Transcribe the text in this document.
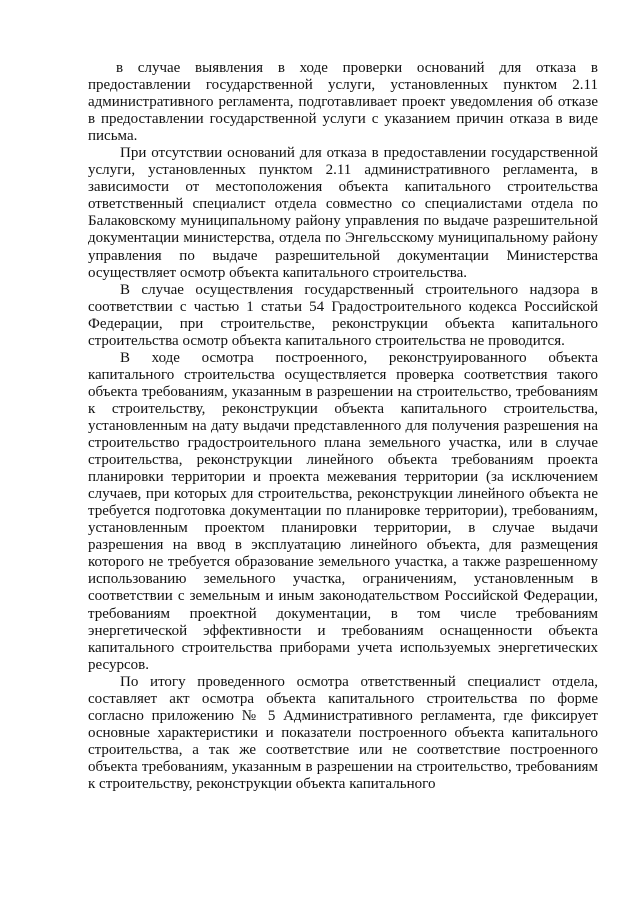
в случае выявления в ходе проверки оснований для отказа в предоставлении государственной услуги, установленных пунктом 2.11 административного регламента, подготавливает проект уведомления об отказе в предоставлении государственной услуги с указанием причин отказа в виде письма.

При отсутствии оснований для отказа в предоставлении государственной услуги, установленных пунктом 2.11 административного регламента, в зависимости от местоположения объекта капитального строительства ответственный специалист отдела совместно со специалистами отдела по Балаковскому муниципальному району управления по выдаче разрешительной документации министерства, отдела по Энгельсскому муниципальному району управления по выдаче разрешительной документации Министерства осуществляет осмотр объекта капитального строительства.

В случае осуществления государственный строительного надзора в соответствии с частью 1 статьи 54 Градостроительного кодекса Российской Федерации, при строительстве, реконструкции объекта капитального строительства осмотр объекта капитального строительства не проводится.

В ходе осмотра построенного, реконструированного объекта капитального строительства осуществляется проверка соответствия такого объекта требованиям, указанным в разрешении на строительство, требованиям к строительству, реконструкции объекта капитального строительства, установленным на дату выдачи представленного для получения разрешения на строительство градостроительного плана земельного участка, или в случае строительства, реконструкции линейного объекта требованиям проекта планировки территории и проекта межевания территории (за исключением случаев, при которых для строительства, реконструкции линейного объекта не требуется подготовка документации по планировке территории), требованиям, установленным проектом планировки территории, в случае выдачи разрешения на ввод в эксплуатацию линейного объекта, для размещения которого не требуется образование земельного участка, а также разрешенному использованию земельного участка, ограничениям, установленным в соответствии с земельным и иным законодательством Российской Федерации, требованиям проектной документации, в том числе требованиям энергетической эффективности и требованиям оснащенности объекта капитального строительства приборами учета используемых энергетических ресурсов.

По итогу проведенного осмотра ответственный специалист отдела, составляет акт осмотра объекта капитального строительства по форме согласно приложению № 5 Административного регламента, где фиксирует основные характеристики и показатели построенного объекта капитального строительства, а так же соответствие или не соответствие построенного объекта требованиям, указанным в разрешении на строительство, требованиям к строительству, реконструкции объекта капитального
